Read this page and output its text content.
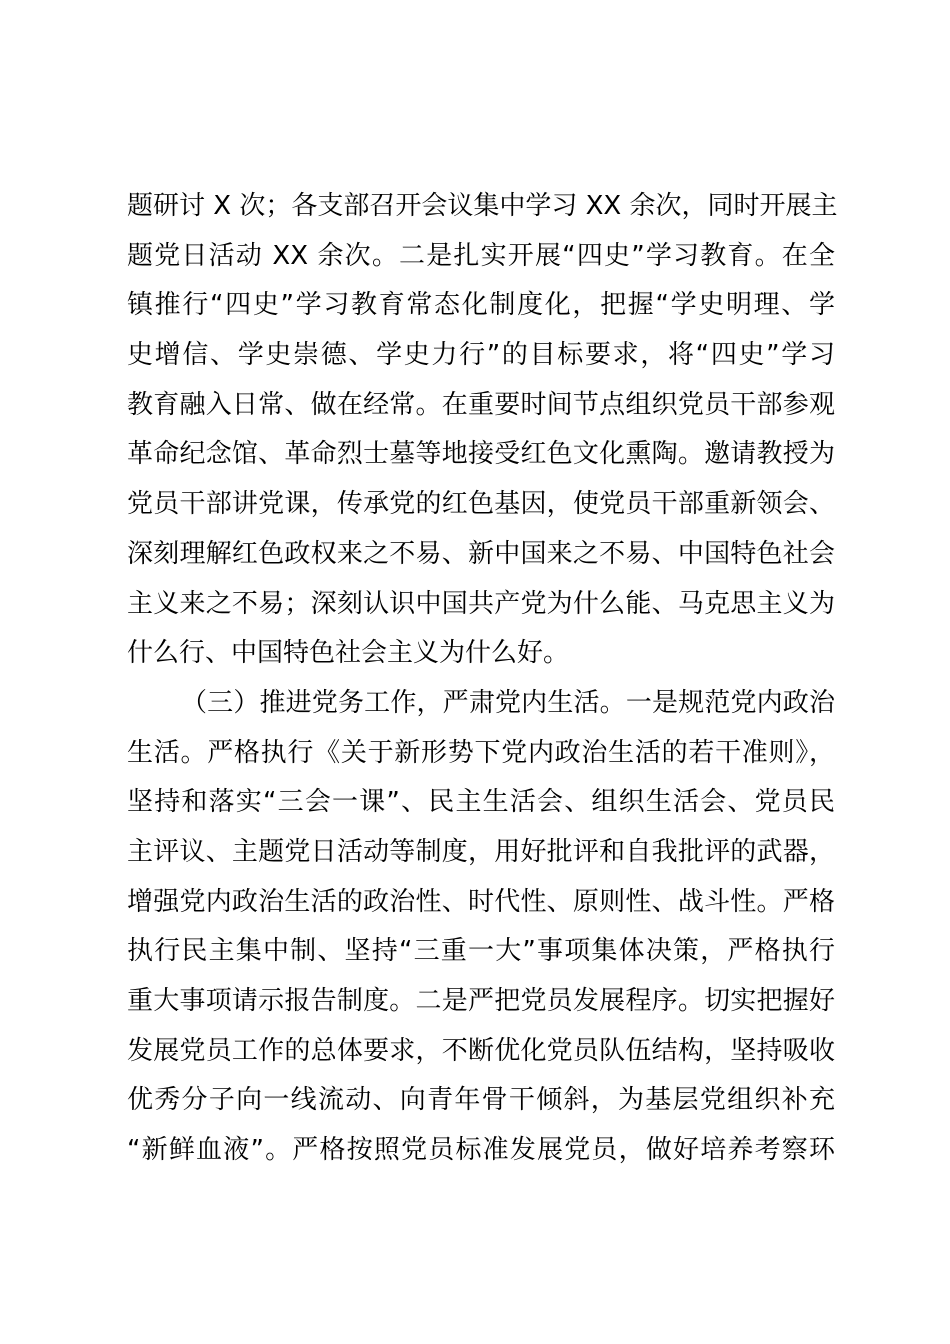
题研讨 X 次；各支部召开会议集中学习 XX 余次，同时开展主
题党日活动 XX 余次。二是扎实开展“四史”学习教育。在全
镇推行“四史”学习教育常态化制度化，把握“学史明理、学
史增信、学史崇德、学史力行”的目标要求，将“四史”学习
教育融入日常、做在经常。在重要时间节点组织党员干部参观
革命纪念馆、革命烈士墓等地接受红色文化熏陶。邀请教授为
党员干部讲党课，传承党的红色基因，使党员干部重新领会、
深刻理解红色政权来之不易、新中国来之不易、中国特色社会
主义来之不易；深刻认识中国共产党为什么能、马克思主义为
什么行、中国特色社会主义为什么好。
（三）推进党务工作，严肃党内生活。一是规范党内政治
生活。严格执行《关于新形势下党内政治生活的若干准则》，
坚持和落实“三会一课”、民主生活会、组织生活会、党员民
主评议、主题党日活动等制度，用好批评和自我批评的武器，
增强党内政治生活的政治性、时代性、原则性、战斗性。严格
执行民主集中制、坚持“三重一大”事项集体决策，严格执行
重大事项请示报告制度。二是严把党员发展程序。切实把握好
发展党员工作的总体要求，不断优化党员队伍结构，坚持吸收
优秀分子向一线流动、向青年骨干倾斜，为基层党组织补充
“新鲜血液”。严格按照党员标准发展党员，做好培养考察环
